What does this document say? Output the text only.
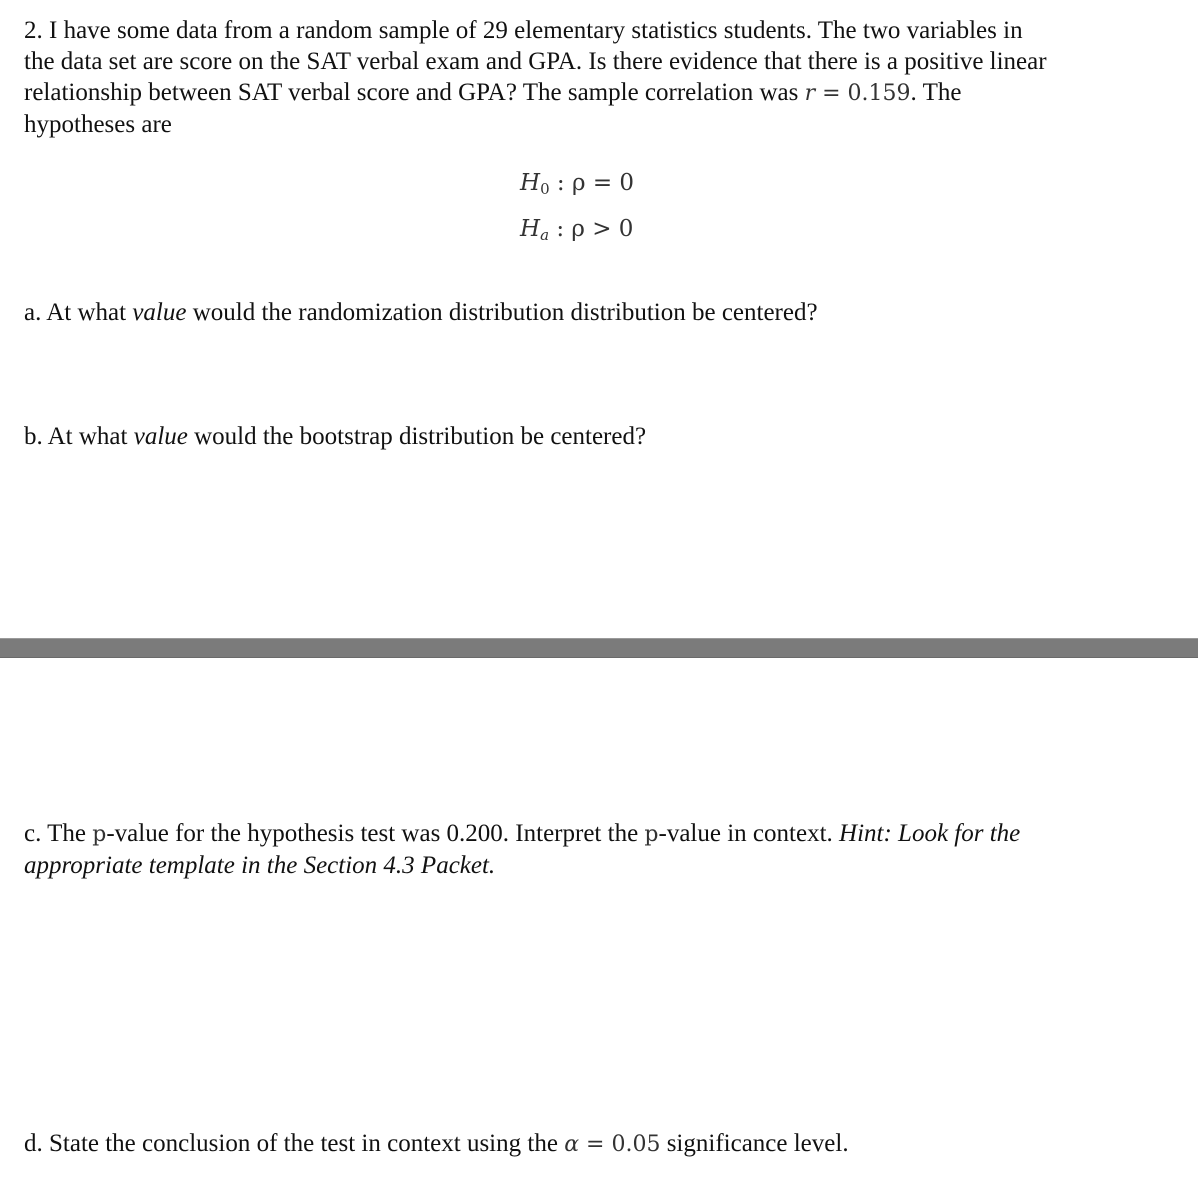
2. I have some data from a random sample of 29 elementary statistics students. The two variables in
the data set are score on the SAT verbal exam and GPA. Is there evidence that there is a positive linear
relationship between SAT verbal score and GPA? The sample correlation was r = 0.159. The
hypotheses are
$H_0$ : ρ = 0
$H_a$ : ρ > 0

a. At what value would the randomization distribution distribution be centered?

b. At what value would the bootstrap distribution be centered?

c. The p-value for the hypothesis test was 0.200. Interpret the p-value in context. Hint: Look for the appropriate template in the Section 4.3 Packet.

d. State the conclusion of the test in context using the α = 0.05 significance level.
